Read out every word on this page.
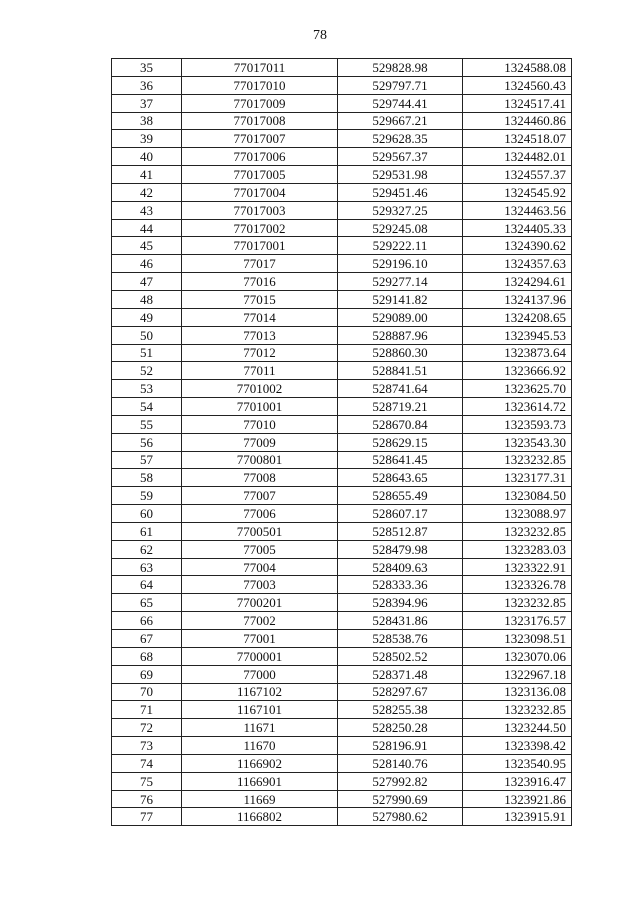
78
35	77017011	529828.98	1324588.08
36	77017010	529797.71	1324560.43
37	77017009	529744.41	1324517.41
38	77017008	529667.21	1324460.86
39	77017007	529628.35	1324518.07
40	77017006	529567.37	1324482.01
41	77017005	529531.98	1324557.37
42	77017004	529451.46	1324545.92
43	77017003	529327.25	1324463.56
44	77017002	529245.08	1324405.33
45	77017001	529222.11	1324390.62
46	77017	529196.10	1324357.63
47	77016	529277.14	1324294.61
48	77015	529141.82	1324137.96
49	77014	529089.00	1324208.65
50	77013	528887.96	1323945.53
51	77012	528860.30	1323873.64
52	77011	528841.51	1323666.92
53	7701002	528741.64	1323625.70
54	7701001	528719.21	1323614.72
55	77010	528670.84	1323593.73
56	77009	528629.15	1323543.30
57	7700801	528641.45	1323232.85
58	77008	528643.65	1323177.31
59	77007	528655.49	1323084.50
60	77006	528607.17	1323088.97
61	7700501	528512.87	1323232.85
62	77005	528479.98	1323283.03
63	77004	528409.63	1323322.91
64	77003	528333.36	1323326.78
65	7700201	528394.96	1323232.85
66	77002	528431.86	1323176.57
67	77001	528538.76	1323098.51
68	7700001	528502.52	1323070.06
69	77000	528371.48	1322967.18
70	1167102	528297.67	1323136.08
71	1167101	528255.38	1323232.85
72	11671	528250.28	1323244.50
73	11670	528196.91	1323398.42
74	1166902	528140.76	1323540.95
75	1166901	527992.82	1323916.47
76	11669	527990.69	1323921.86
77	1166802	527980.62	1323915.91
